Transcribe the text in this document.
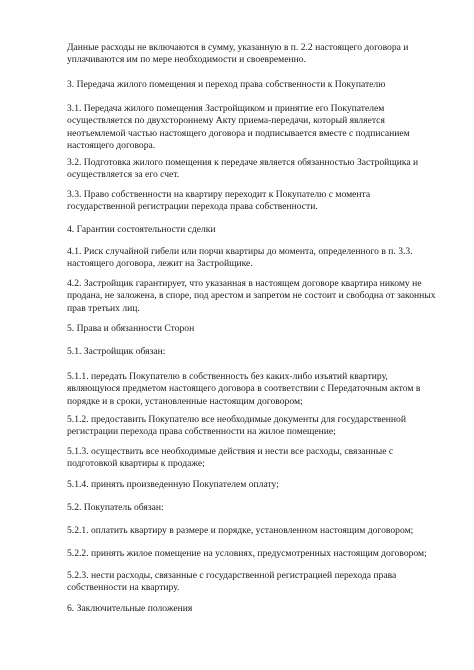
Данные расходы не включаются в сумму, указанную в п. 2.2 настоящего договора и
уплачиваются им по мере необходимости и своевременно.

3. Передача жилого помещения и переход права собственности к Покупателю

3.1. Передача жилого помещения Застройщиком и принятие его Покупателем
осуществляется по двухстороннему Акту приема-передачи, который является
неотъемлемой частью настоящего договора и подписывается вместе с подписанием
настоящего договора.

3.2. Подготовка жилого помещения к передаче является обязанностью Застройщика и
осуществляется за его счет.

3.3. Право собственности на квартиру переходит к Покупателю с момента
государственной регистрации перехода права собственности.

4. Гарантии состоятельности сделки

4.1. Риск случайной гибели или порчи квартиры до момента, определенного в п. 3.3.
настоящего договора, лежит на Застройщике.

4.2. Застройщик гарантирует, что указанная в настоящем договоре квартира никому не
продана, не заложена, в споре, под арестом и запретом не состоит и свободна от законных
прав третьих лиц.

5. Права и обязанности Сторон

5.1. Застройщик обязан:

5.1.1. передать Покупателю в собственность без каких-либо изъятий квартиру,
являющуюся предметом настоящего договора в соответствии с Передаточным актом в
порядке и в сроки, установленные настоящим договором;

5.1.2. предоставить Покупателю все необходимые документы для государственной
регистрации перехода права собственности на жилое помещение;

5.1.3. осуществить все необходимые действия и нести все расходы, связанные с
подготовкой квартиры к продаже;

5.1.4. принять произведенную Покупателем оплату;

5.2. Покупатель обязан:

5.2.1. оплатить квартиру в размере и порядке, установленном настоящим договором;

5.2.2. принять жилое помещение на условиях, предусмотренных настоящим договором;

5.2.3. нести расходы, связанные с государственной регистрацией перехода права
собственности на квартиру.

6. Заключительные положения
